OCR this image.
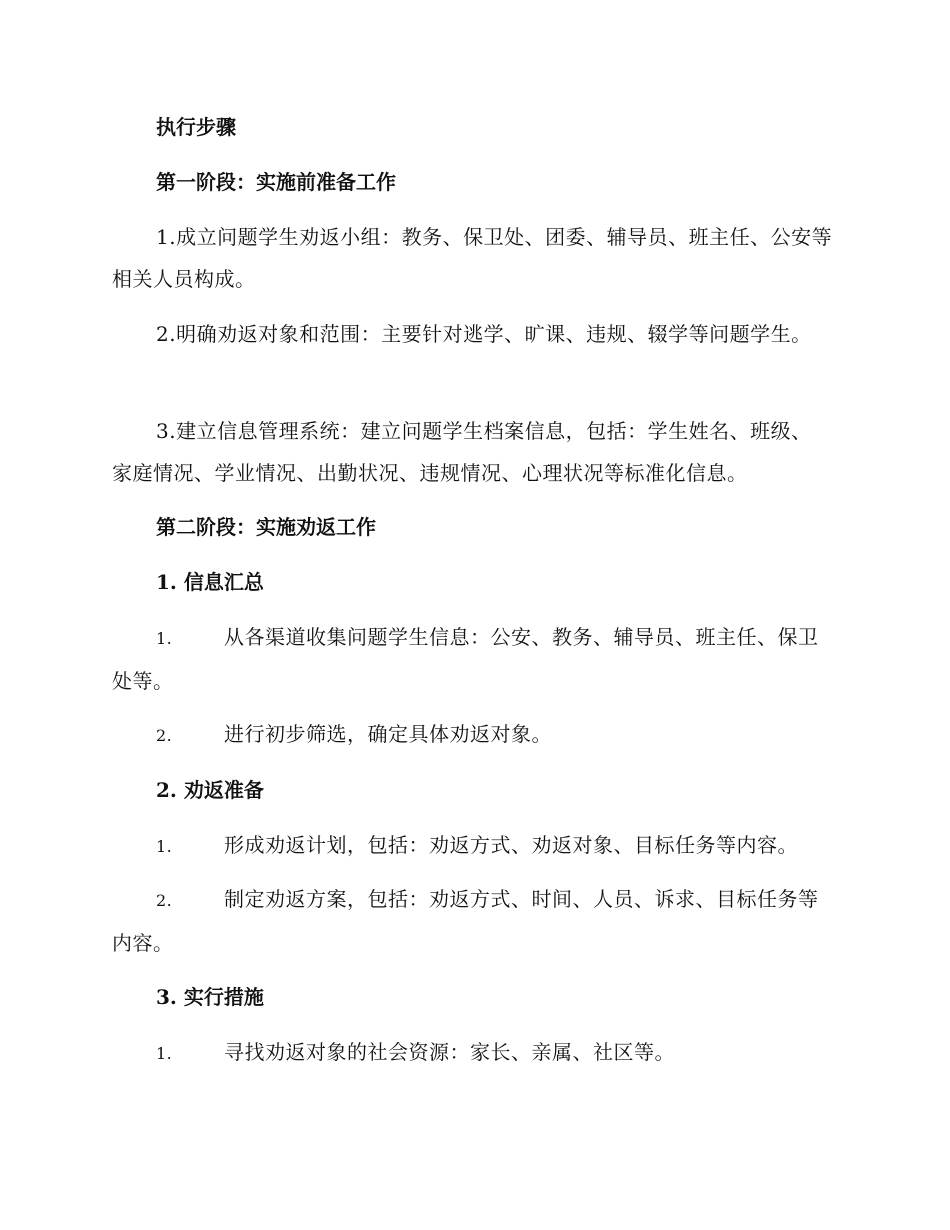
执行步骤
第一阶段：实施前准备工作
1.成立问题学生劝返小组：教务、保卫处、团委、辅导员、班主任、公安等相关人员构成。
2.明确劝返对象和范围：主要针对逃学、旷课、违规、辍学等问题学生。
3.建立信息管理系统：建立问题学生档案信息，包括：学生姓名、班级、家庭情况、学业情况、出勤状况、违规情况、心理状况等标准化信息。
第二阶段：实施劝返工作
1. 信息汇总
1.	从各渠道收集问题学生信息：公安、教务、辅导员、班主任、保卫处等。
2.	进行初步筛选，确定具体劝返对象。
2. 劝返准备
1.	形成劝返计划，包括：劝返方式、劝返对象、目标任务等内容。
2.	制定劝返方案，包括：劝返方式、时间、人员、诉求、目标任务等内容。
3. 实行措施
1.	寻找劝返对象的社会资源：家长、亲属、社区等。
